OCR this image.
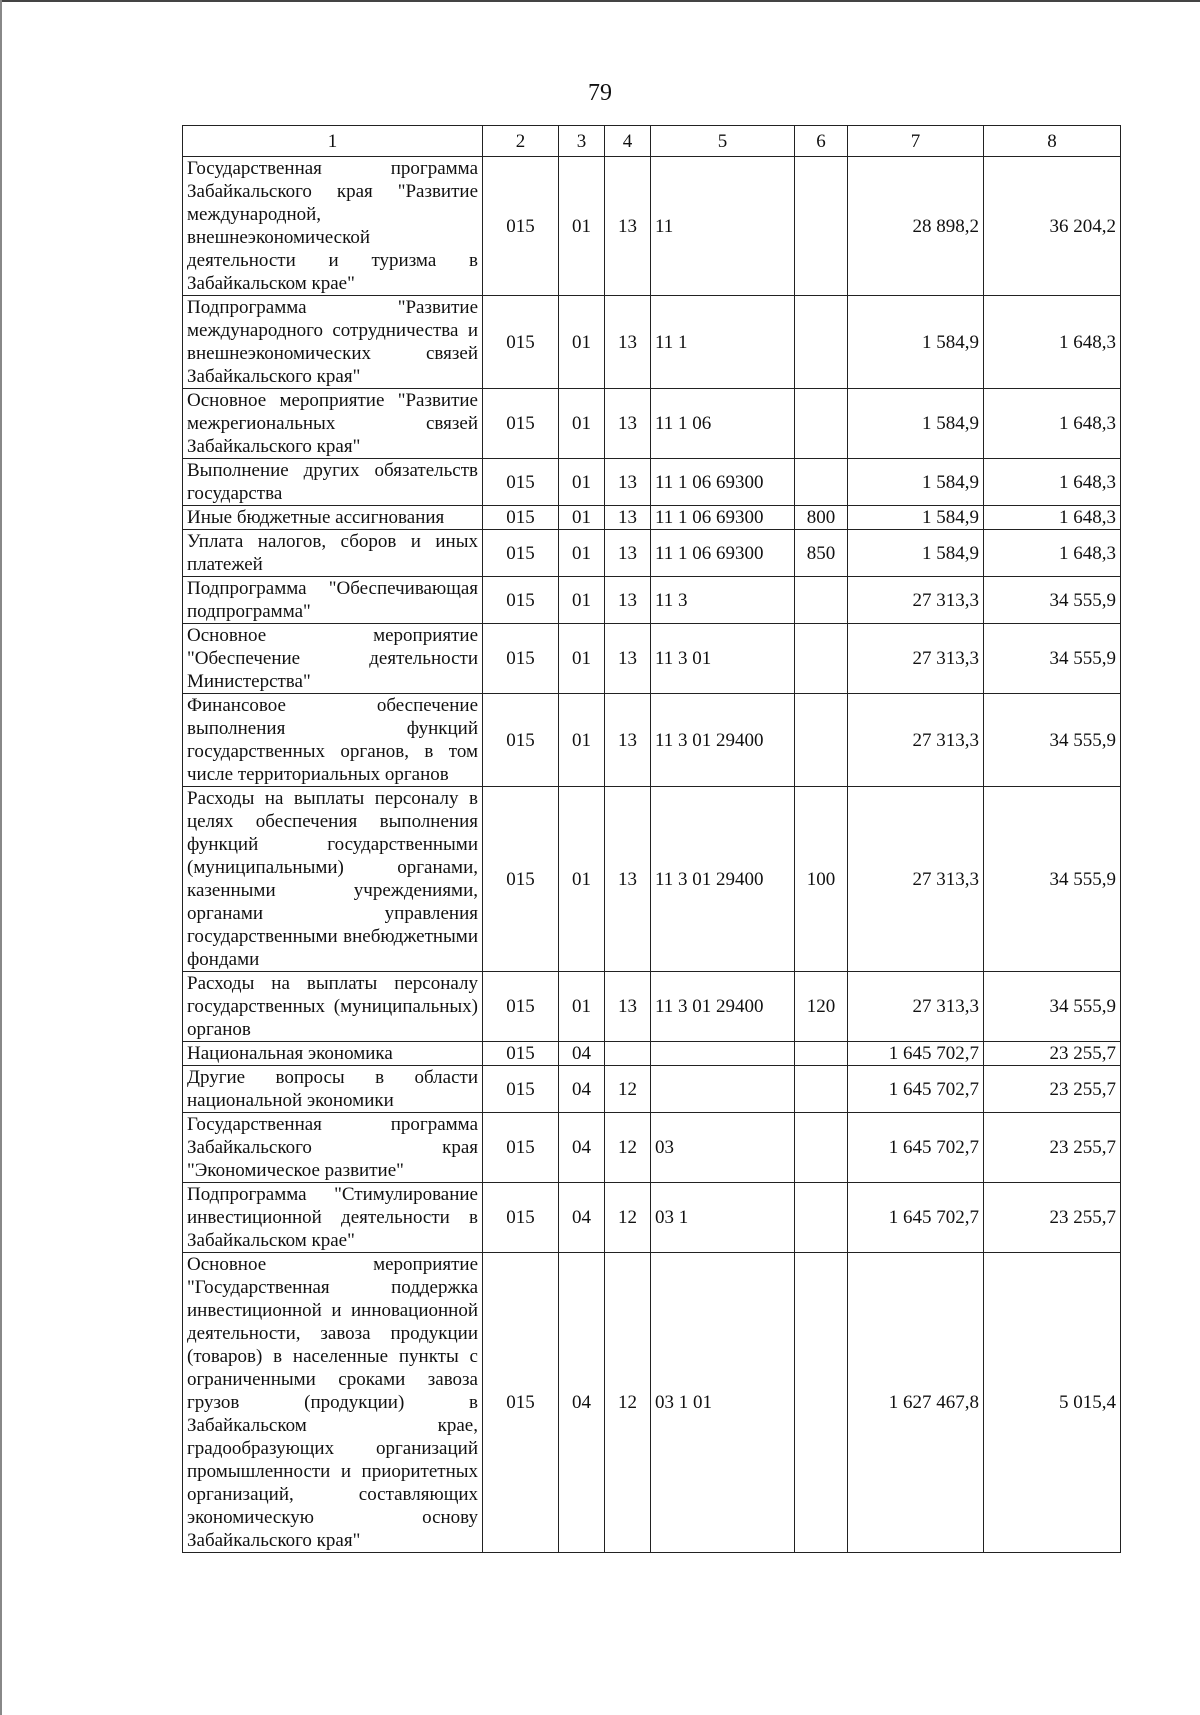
79
1	2	3	4	5	6	7	8
Государственная программа Забайкальского края "Развитие международной, внешнеэкономической деятельности и туризма в Забайкальском крае"	015	01	13	11		28 898,2	36 204,2
Подпрограмма "Развитие международного сотрудничества и внешнеэкономических связей Забайкальского края"	015	01	13	11 1		1 584,9	1 648,3
Основное мероприятие "Развитие межрегиональных связей Забайкальского края"	015	01	13	11 1 06		1 584,9	1 648,3
Выполнение других обязательств государства	015	01	13	11 1 06 69300		1 584,9	1 648,3
Иные бюджетные ассигнования	015	01	13	11 1 06 69300	800	1 584,9	1 648,3
Уплата налогов, сборов и иных платежей	015	01	13	11 1 06 69300	850	1 584,9	1 648,3
Подпрограмма "Обеспечивающая подпрограмма"	015	01	13	11 3		27 313,3	34 555,9
Основное мероприятие "Обеспечение деятельности Министерства"	015	01	13	11 3 01		27 313,3	34 555,9
Финансовое обеспечение выполнения функций государственных органов, в том числе территориальных органов	015	01	13	11 3 01 29400		27 313,3	34 555,9
Расходы на выплаты персоналу в целях обеспечения выполнения функций государственными (муниципальными) органами, казенными учреждениями, органами управления государственными внебюджетными фондами	015	01	13	11 3 01 29400	100	27 313,3	34 555,9
Расходы на выплаты персоналу государственных (муниципальных) органов	015	01	13	11 3 01 29400	120	27 313,3	34 555,9
Национальная экономика	015	04				1 645 702,7	23 255,7
Другие вопросы в области национальной экономики	015	04	12			1 645 702,7	23 255,7
Государственная программа Забайкальского края "Экономическое развитие"	015	04	12	03		1 645 702,7	23 255,7
Подпрограмма "Стимулирование инвестиционной деятельности в Забайкальском крае"	015	04	12	03 1		1 645 702,7	23 255,7
Основное мероприятие "Государственная поддержка инвестиционной и инновационной деятельности, завоза продукции (товаров) в населенные пункты с ограниченными сроками завоза грузов (продукции) в Забайкальском крае, градообразующих организаций промышленности и приоритетных организаций, составляющих экономическую основу Забайкальского края"	015	04	12	03 1 01		1 627 467,8	5 015,4
